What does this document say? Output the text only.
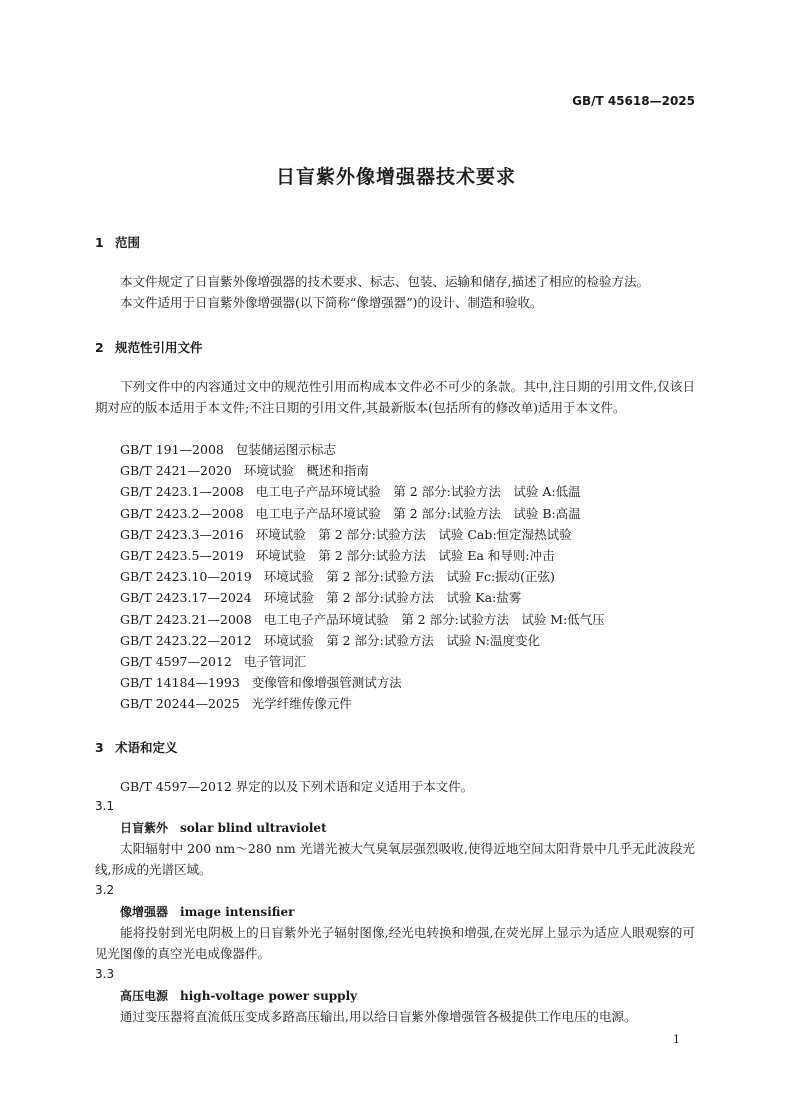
GB/T 45618—2025
日盲紫外像增强器技术要求
1 范围
本文件规定了日盲紫外像增强器的技术要求、标志、包装、运输和储存,描述了相应的检验方法。
本文件适用于日盲紫外像增强器(以下简称“像增强器”)的设计、制造和验收。
2 规范性引用文件
下列文件中的内容通过文中的规范性引用而构成本文件必不可少的条款。其中,注日期的引用文件,仅该日期对应的版本适用于本文件;不注日期的引用文件,其最新版本(包括所有的修改单)适用于本文件。
GB/T 191—2008 包装储运图示标志
GB/T 2421—2020 环境试验　概述和指南
GB/T 2423.1—2008 电工电子产品环境试验　第 2 部分:试验方法　试验 A:低温
GB/T 2423.2—2008 电工电子产品环境试验　第 2 部分:试验方法　试验 B:高温
GB/T 2423.3—2016 环境试验　第 2 部分:试验方法　试验 Cab:恒定湿热试验
GB/T 2423.5—2019 环境试验　第 2 部分:试验方法　试验 Ea 和导则:冲击
GB/T 2423.10—2019 环境试验　第 2 部分:试验方法　试验 Fc:振动(正弦)
GB/T 2423.17—2024 环境试验　第 2 部分:试验方法　试验 Ka:盐雾
GB/T 2423.21—2008 电工电子产品环境试验　第 2 部分:试验方法　试验 M:低气压
GB/T 2423.22—2012 环境试验　第 2 部分:试验方法　试验 N:温度变化
GB/T 4597—2012 电子管词汇
GB/T 14184—1993 变像管和像增强管测试方法
GB/T 20244—2025 光学纤维传像元件
3 术语和定义
GB/T 4597—2012 界定的以及下列术语和定义适用于本文件。
3.1
日盲紫外 solar blind ultraviolet
太阳辐射中 200 nm～280 nm 光谱光被大气臭氧层强烈吸收,使得近地空间太阳背景中几乎无此波段光线,形成的光谱区域。
3.2
像增强器 image intensifier
能将投射到光电阴极上的日盲紫外光子辐射图像,经光电转换和增强,在荧光屏上显示为适应人眼观察的可见光图像的真空光电成像器件。
3.3
高压电源 high-voltage power supply
通过变压器将直流低压变成多路高压输出,用以给日盲紫外像增强管各极提供工作电压的电源。
1
